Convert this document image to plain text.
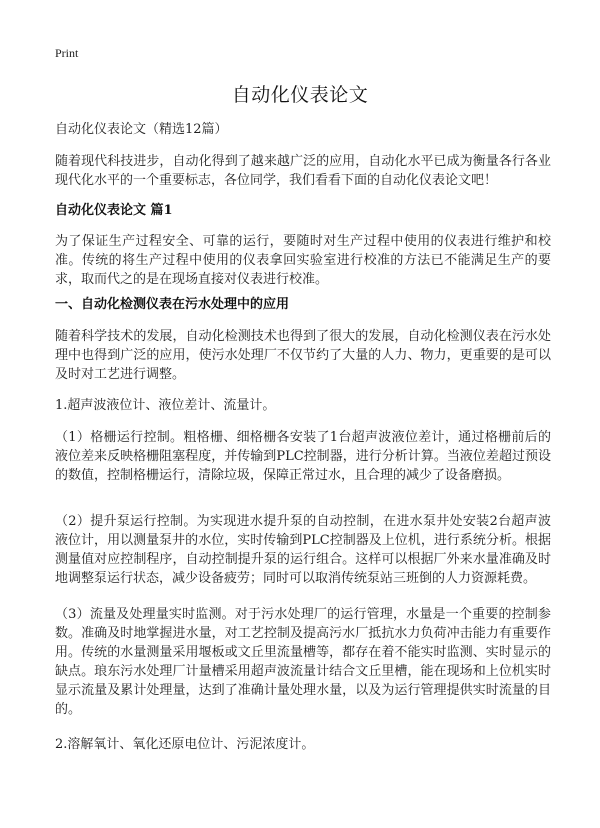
Print
自动化仪表论文
自动化仪表论文（精选12篇）
随着现代科技进步，自动化得到了越来越广泛的应用，自动化水平已成为衡量各行各业现代化水平的一个重要标志，各位同学，我们看看下面的自动化仪表论文吧！
自动化仪表论文 篇1
为了保证生产过程安全、可靠的运行，要随时对生产过程中使用的仪表进行维护和校准。传统的将生产过程中使用的仪表拿回实验室进行校准的方法已不能满足生产的要求，取而代之的是在现场直接对仪表进行校准。
一、自动化检测仪表在污水处理中的应用
随着科学技术的发展，自动化检测技术也得到了很大的发展，自动化检测仪表在污水处理中也得到广泛的应用，使污水处理厂不仅节约了大量的人力、物力，更重要的是可以及时对工艺进行调整。
1.超声波液位计、液位差计、流量计。
（1）格栅运行控制。粗格栅、细格栅各安装了1台超声波液位差计，通过格栅前后的液位差来反映格栅阻塞程度，并传输到PLC控制器，进行分析计算。当液位差超过预设的数值，控制格栅运行，清除垃圾，保障正常过水，且合理的减少了设备磨损。
（2）提升泵运行控制。为实现进水提升泵的自动控制，在进水泵井处安装2台超声波液位计，用以测量泵井的水位，实时传输到PLC控制器及上位机，进行系统分析。根据测量值对应控制程序，自动控制提升泵的运行组合。这样可以根据厂外来水量准确及时地调整泵运行状态，减少设备疲劳；同时可以取消传统泵站三班倒的人力资源耗费。
（3）流量及处理量实时监测。对于污水处理厂的运行管理，水量是一个重要的控制参数。准确及时地掌握进水量，对工艺控制及提高污水厂抵抗水力负荷冲击能力有重要作用。传统的水量测量采用堰板或文丘里流量槽等，都存在着不能实时监测、实时显示的缺点。琅东污水处理厂计量槽采用超声波流量计结合文丘里槽，能在现场和上位机实时显示流量及累计处理量，达到了准确计量处理水量，以及为运行管理提供实时流量的目的。
2.溶解氧计、氧化还原电位计、污泥浓度计。
